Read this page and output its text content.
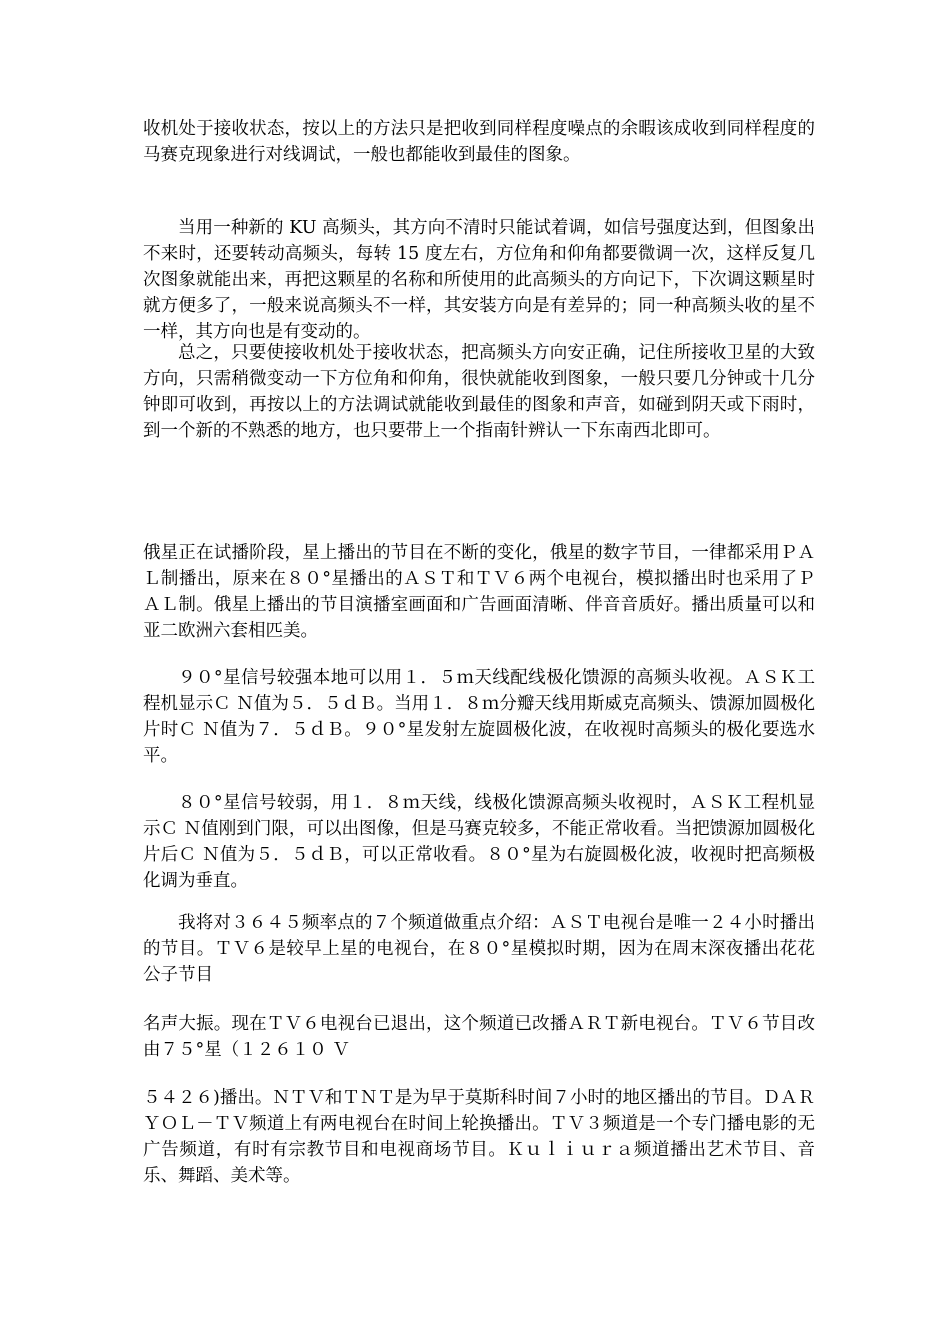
收机处于接收状态，按以上的方法只是把收到同样程度噪点的余暇该成收到同样程度的马赛克现象进行对线调试，一般也都能收到最佳的图象。

当用一种新的 KU 高频头，其方向不清时只能试着调，如信号强度达到，但图象出不来时，还要转动高频头，每转 15 度左右，方位角和仰角都要微调一次，这样反复几次图象就能出来，再把这颗星的名称和所使用的此高频头的方向记下，下次调这颗星时就方便多了，一般来说高频头不一样，其安装方向是有差异的；同一种高频头收的星不一样，其方向也是有变动的。

总之，只要使接收机处于接收状态，把高频头方向安正确，记住所接收卫星的大致方向，只需稍微变动一下方位角和仰角，很快就能收到图象，一般只要几分钟或十几分钟即可收到，再按以上的方法调试就能收到最佳的图象和声音，如碰到阴天或下雨时，到一个新的不熟悉的地方，也只要带上一个指南针辨认一下东南西北即可。

俄星正在试播阶段，星上播出的节目在不断的变化，俄星的数字节目，一律都采用ＰＡＬ制播出，原来在８０°星播出的ＡＳＴ和ＴＶ６两个电视台，模拟播出时也采用了ＰＡＬ制。俄星上播出的节目演播室画面和广告画面清晰、伴音音质好。播出质量可以和亚二欧洲六套相匹美。

９０°星信号较强本地可以用１．５ｍ天线配线极化馈源的高频头收视。ＡＳＫ工程机显示Ｃ Ｎ值为５．５ｄＢ。当用１．８ｍ分瓣天线用斯威克高频头、馈源加圆极化片时Ｃ Ｎ值为７．５ｄＢ。９０°星发射左旋圆极化波，在收视时高频头的极化要选水平。

８０°星信号较弱，用１．８ｍ天线，线极化馈源高频头收视时，ＡＳＫ工程机显示Ｃ Ｎ值刚到门限，可以出图像，但是马赛克较多，不能正常收看。当把馈源加圆极化片后Ｃ Ｎ值为５．５ｄＢ，可以正常收看。８０°星为右旋圆极化波，收视时把高频极化调为垂直。

我将对３６４５频率点的７个频道做重点介绍：ＡＳＴ电视台是唯一２４小时播出的节目。ＴＶ６是较早上星的电视台，在８０°星模拟时期，因为在周末深夜播出花花公子节目

名声大振。现在ＴＶ６电视台已退出，这个频道已改播ＡＲＴ新电视台。ＴＶ６节目改由７５°星（１２６１０ Ｖ

５４２６)播出。ＮＴＶ和ＴＮＴ是为早于莫斯科时间７小时的地区播出的节目。ＤＡＲＹＯＬ－ＴＶ频道上有两电视台在时间上轮换播出。ＴＶ３频道是一个专门播电影的无广告频道，有时有宗教节目和电视商场节目。Ｋｕｌｉｕｒａ频道播出艺术节目、音乐、舞蹈、美术等。
